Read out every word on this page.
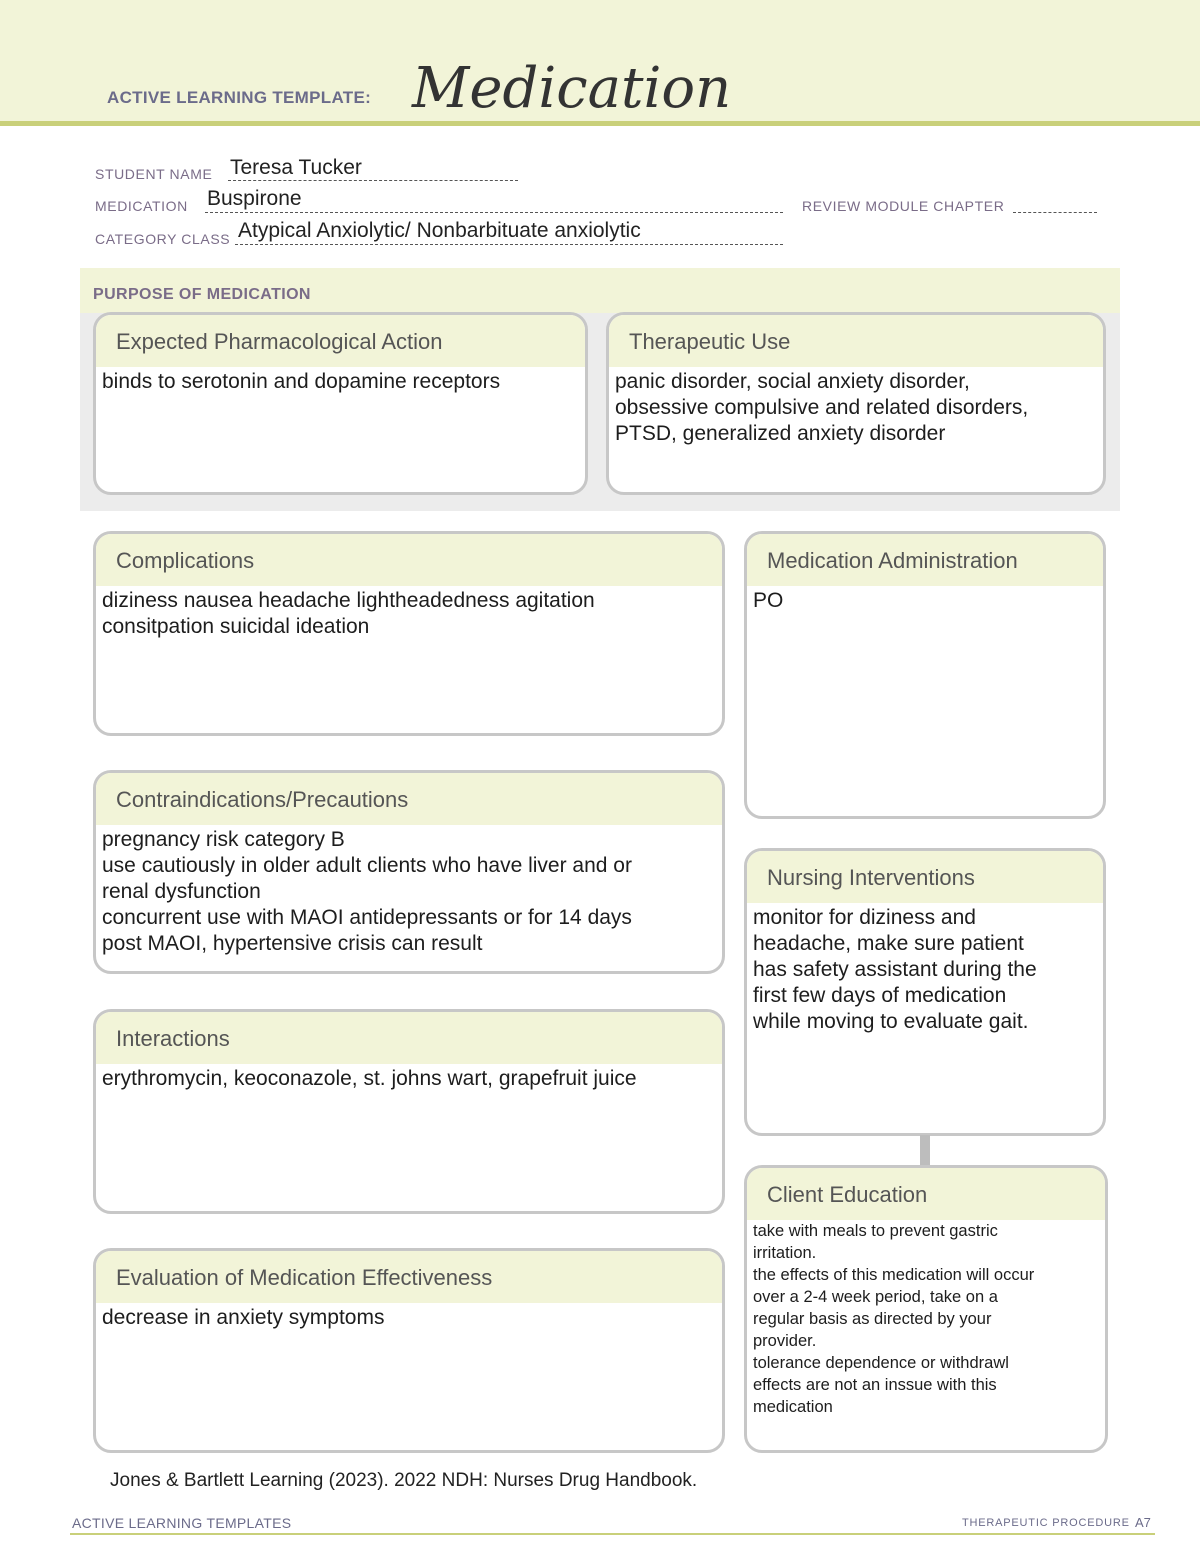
ACTIVE LEARNING TEMPLATE: Medication
STUDENT NAME Teresa Tucker
MEDICATION Buspirone	REVIEW MODULE CHAPTER
CATEGORY CLASS Atypical Anxiolytic/ Nonbarbituate anxiolytic
PURPOSE OF MEDICATION
Expected Pharmacological Action
binds to serotonin and dopamine receptors
Therapeutic Use
panic disorder, social anxiety disorder,
obsessive compulsive and related disorders,
PTSD, generalized anxiety disorder
Complications
diziness nausea headache lightheadedness agitation
consitpation suicidal ideation
Contraindications/Precautions
pregnancy risk category B
use cautiously in older adult clients who have liver and or
renal dysfunction
concurrent use with MAOI antidepressants or for 14 days
post MAOI, hypertensive crisis can result
Interactions
erythromycin, keoconazole, st. johns wart, grapefruit juice
Evaluation of Medication Effectiveness
decrease in anxiety symptoms
Medication Administration
PO
Nursing Interventions
monitor for diziness and
headache, make sure patient
has safety assistant during the
first few days of medication
while moving to evaluate gait.
Client Education
take with meals to prevent gastric
irritation.
the effects of this medication will occur
over a 2-4 week period, take on a
regular basis as directed by your
provider.
tolerance dependence or withdrawl
effects are not an inssue with this
medication
Jones & Bartlett Learning (2023). 2022 NDH: Nurses Drug Handbook.
ACTIVE LEARNING TEMPLATES	THERAPEUTIC PROCEDURE A7
